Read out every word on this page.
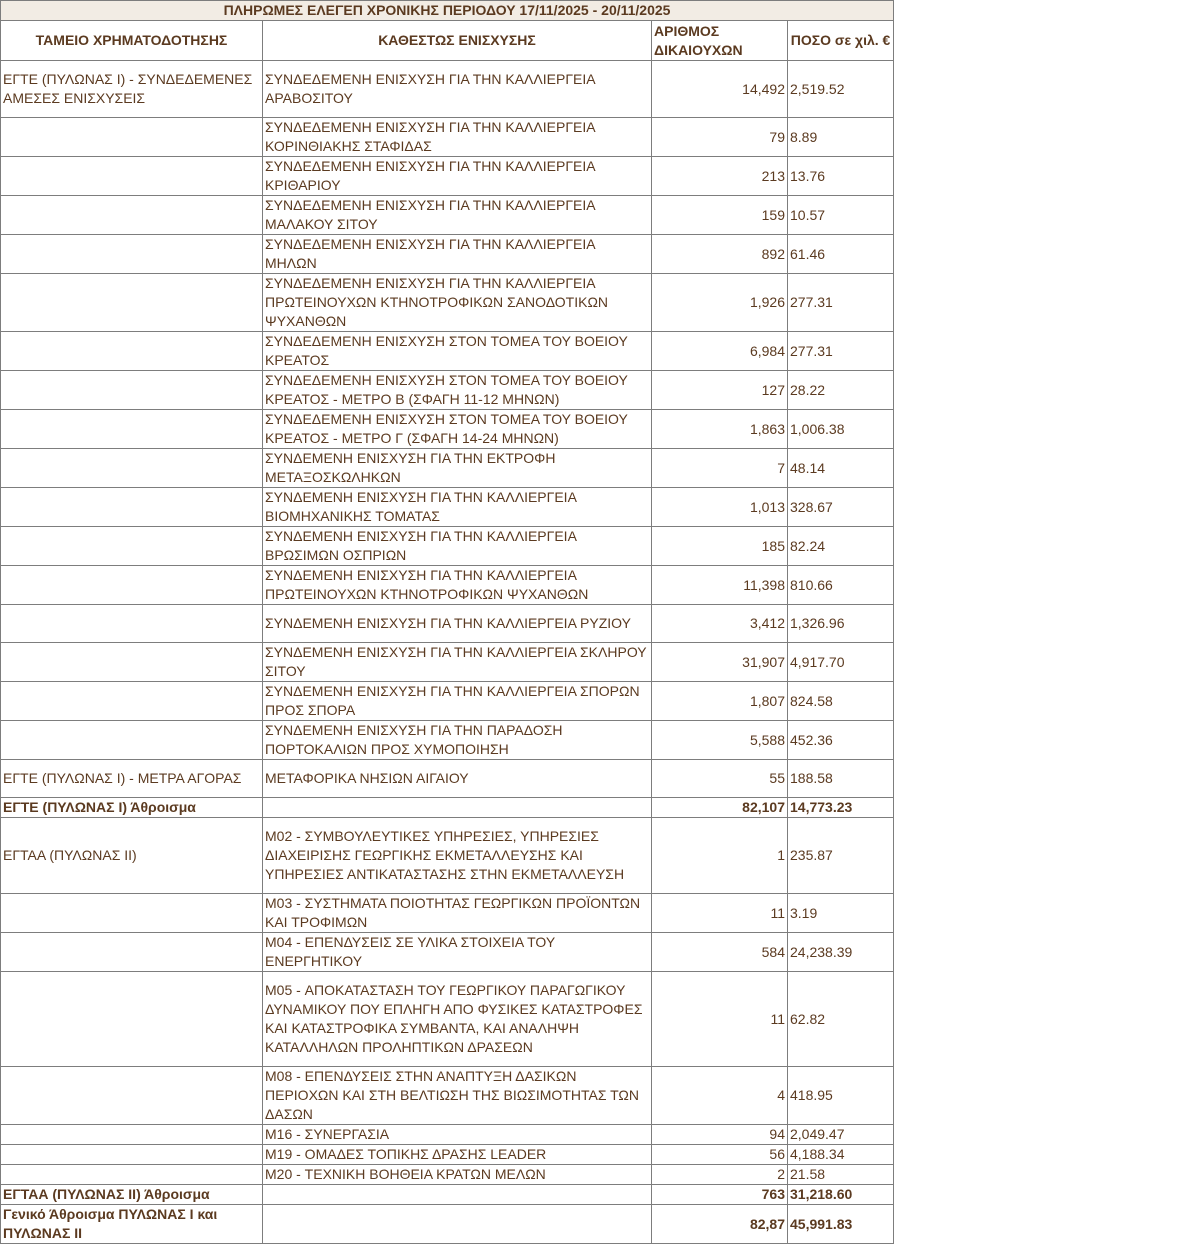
ΠΛΗΡΩΜΕΣ ΕΛΕΓΕΠ ΧΡΟΝΙΚΗΣ ΠΕΡΙΟΔΟΥ 17/11/2025 - 20/11/2025			
ΤΑΜΕΙΟ ΧΡΗΜΑΤΟΔΟΤΗΣΗΣ	ΚΑΘΕΣΤΩΣ ΕΝΙΣΧΥΣΗΣ	ΑΡΙΘΜΟΣ ΔΙΚΑΙΟΥΧΩΝ	ΠΟΣΟ σε χιλ. €
ΕΓΤΕ (ΠΥΛΩΝΑΣ Ι) - ΣΥΝΔΕΔΕΜΕΝΕΣ ΑΜΕΣΕΣ ΕΝΙΣΧΥΣΕΙΣ	ΣΥΝΔΕΔΕΜΕΝΗ ΕΝΙΣΧΥΣΗ ΓΙΑ ΤΗΝ ΚΑΛΛΙΕΡΓΕΙΑ ΑΡΑΒΟΣΙΤΟΥ	14,492	2,519.52
	ΣΥΝΔΕΔΕΜΕΝΗ ΕΝΙΣΧΥΣΗ ΓΙΑ ΤΗΝ ΚΑΛΛΙΕΡΓΕΙΑ ΚΟΡΙΝΘΙΑΚΗΣ ΣΤΑΦΙΔΑΣ	79	8.89
	ΣΥΝΔΕΔΕΜΕΝΗ ΕΝΙΣΧΥΣΗ ΓΙΑ ΤΗΝ ΚΑΛΛΙΕΡΓΕΙΑ ΚΡΙΘΑΡΙΟΥ	213	13.76
	ΣΥΝΔΕΔΕΜΕΝΗ ΕΝΙΣΧΥΣΗ ΓΙΑ ΤΗΝ ΚΑΛΛΙΕΡΓΕΙΑ ΜΑΛΑΚΟΥ ΣΙΤΟΥ	159	10.57
	ΣΥΝΔΕΔΕΜΕΝΗ ΕΝΙΣΧΥΣΗ ΓΙΑ ΤΗΝ ΚΑΛΛΙΕΡΓΕΙΑ ΜΗΛΩΝ	892	61.46
	ΣΥΝΔΕΔΕΜΕΝΗ ΕΝΙΣΧΥΣΗ ΓΙΑ ΤΗΝ ΚΑΛΛΙΕΡΓΕΙΑ ΠΡΩΤΕΙΝΟΥΧΩΝ ΚΤΗΝΟΤΡΟΦΙΚΩΝ ΣΑΝΟΔΟΤΙΚΩΝ ΨΥΧΑΝΘΩΝ	1,926	277.31
	ΣΥΝΔΕΔΕΜΕΝΗ ΕΝΙΣΧΥΣΗ ΣΤΟΝ ΤΟΜΕΑ ΤΟΥ ΒΟΕΙΟΥ ΚΡΕΑΤΟΣ	6,984	277.31
	ΣΥΝΔΕΔΕΜΕΝΗ ΕΝΙΣΧΥΣΗ ΣΤΟΝ ΤΟΜΕΑ ΤΟΥ ΒΟΕΙΟΥ ΚΡΕΑΤΟΣ - ΜΕΤΡΟ Β (ΣΦΑΓΗ 11-12 ΜΗΝΩΝ)	127	28.22
	ΣΥΝΔΕΔΕΜΕΝΗ ΕΝΙΣΧΥΣΗ ΣΤΟΝ ΤΟΜΕΑ ΤΟΥ ΒΟΕΙΟΥ ΚΡΕΑΤΟΣ - ΜΕΤΡΟ Γ (ΣΦΑΓΗ 14-24 ΜΗΝΩΝ)	1,863	1,006.38
	ΣΥΝΔΕΜΕΝΗ ΕΝΙΣΧΥΣΗ ΓΙΑ ΤΗΝ ΕΚΤΡΟΦΗ ΜΕΤΑΞΟΣΚΩΛΗΚΩΝ	7	48.14
	ΣΥΝΔΕΜΕΝΗ ΕΝΙΣΧΥΣΗ ΓΙΑ ΤΗΝ ΚΑΛΛΙΕΡΓΕΙΑ ΒΙΟΜΗΧΑΝΙΚΗΣ ΤΟΜΑΤΑΣ	1,013	328.67
	ΣΥΝΔΕΜΕΝΗ ΕΝΙΣΧΥΣΗ ΓΙΑ ΤΗΝ ΚΑΛΛΙΕΡΓΕΙΑ ΒΡΩΣΙΜΩΝ ΟΣΠΡΙΩΝ	185	82.24
	ΣΥΝΔΕΜΕΝΗ ΕΝΙΣΧΥΣΗ ΓΙΑ ΤΗΝ ΚΑΛΛΙΕΡΓΕΙΑ ΠΡΩΤΕΙΝΟΥΧΩΝ ΚΤΗΝΟΤΡΟΦΙΚΩΝ ΨΥΧΑΝΘΩΝ	11,398	810.66
	ΣΥΝΔΕΜΕΝΗ ΕΝΙΣΧΥΣΗ ΓΙΑ ΤΗΝ ΚΑΛΛΙΕΡΓΕΙΑ ΡΥΖΙΟΥ	3,412	1,326.96
	ΣΥΝΔΕΜΕΝΗ ΕΝΙΣΧΥΣΗ ΓΙΑ ΤΗΝ ΚΑΛΛΙΕΡΓΕΙΑ ΣΚΛΗΡΟΥ ΣΙΤΟΥ	31,907	4,917.70
	ΣΥΝΔΕΜΕΝΗ ΕΝΙΣΧΥΣΗ ΓΙΑ ΤΗΝ ΚΑΛΛΙΕΡΓΕΙΑ ΣΠΟΡΩΝ ΠΡΟΣ ΣΠΟΡΑ	1,807	824.58
	ΣΥΝΔΕΜΕΝΗ ΕΝΙΣΧΥΣΗ ΓΙΑ ΤΗΝ ΠΑΡΑΔΟΣΗ ΠΟΡΤΟΚΑΛΙΩΝ ΠΡΟΣ ΧΥΜΟΠΟΙΗΣΗ	5,588	452.36
ΕΓΤΕ (ΠΥΛΩΝΑΣ Ι) - ΜΕΤΡΑ ΑΓΟΡΑΣ	ΜΕΤΑΦΟΡΙΚΑ ΝΗΣΙΩΝ ΑΙΓΑΙΟΥ	55	188.58
ΕΓΤΕ (ΠΥΛΩΝΑΣ Ι) Άθροισμα		82,107	14,773.23
ΕΓΤΑΑ (ΠΥΛΩΝΑΣ ΙΙ)	M02 - ΣΥΜΒΟΥΛΕΥΤΙΚΕΣ ΥΠΗΡΕΣΙΕΣ, ΥΠΗΡΕΣΙΕΣ ΔΙΑΧΕΙΡΙΣΗΣ ΓΕΩΡΓΙΚΗΣ ΕΚΜΕΤΑΛΛΕΥΣΗΣ ΚΑΙ ΥΠΗΡΕΣΙΕΣ ΑΝΤΙΚΑΤΑΣΤΑΣΗΣ ΣΤΗΝ ΕΚΜΕΤΑΛΛΕΥΣΗ	1	235.87
	M03 - ΣΥΣΤΗΜΑΤΑ ΠΟΙΟΤΗΤΑΣ ΓΕΩΡΓΙΚΩΝ ΠΡΟΪΟΝΤΩΝ ΚΑΙ ΤΡΟΦΙΜΩΝ	11	3.19
	M04 - ΕΠΕΝΔΥΣΕΙΣ ΣΕ ΥΛΙΚΑ ΣΤΟΙΧΕΙΑ ΤΟΥ ΕΝΕΡΓΗΤΙΚΟΥ	584	24,238.39
	M05 - ΑΠΟΚΑΤΑΣΤΑΣΗ ΤΟΥ ΓΕΩΡΓΙΚΟΥ ΠΑΡΑΓΩΓΙΚΟΥ ΔΥΝΑΜΙΚΟΥ ΠΟΥ ΕΠΛΗΓΗ ΑΠΟ ΦΥΣΙΚΕΣ ΚΑΤΑΣΤΡΟΦΕΣ ΚΑΙ ΚΑΤΑΣΤΡΟΦΙΚΑ ΣΥΜΒΑΝΤΑ, ΚΑΙ ΑΝΑΛΗΨΗ ΚΑΤΑΛΛΗΛΩΝ ΠΡΟΛΗΠΤΙΚΩΝ ΔΡΑΣΕΩΝ	11	62.82
	M08 - ΕΠΕΝΔΥΣΕΙΣ ΣΤΗΝ ΑΝΑΠΤΥΞΗ ΔΑΣΙΚΩΝ ΠΕΡΙΟΧΩΝ ΚΑΙ ΣΤΗ ΒΕΛΤΙΩΣΗ ΤΗΣ ΒΙΩΣΙΜΟΤΗΤΑΣ ΤΩΝ ΔΑΣΩΝ	4	418.95
	M16 - ΣΥΝΕΡΓΑΣΙΑ	94	2,049.47
	M19 - ΟΜΑΔΕΣ ΤΟΠΙΚΗΣ ΔΡΑΣΗΣ LEADER	56	4,188.34
	M20 - ΤΕΧΝΙΚΗ ΒΟΗΘΕΙΑ ΚΡΑΤΩΝ ΜΕΛΩΝ	2	21.58
ΕΓΤΑΑ (ΠΥΛΩΝΑΣ ΙΙ) Άθροισμα		763	31,218.60
Γενικό Άθροισμα ΠΥΛΩΝΑΣ Ι και ΠΥΛΩΝΑΣ ΙΙ		82,87	45,991.83
